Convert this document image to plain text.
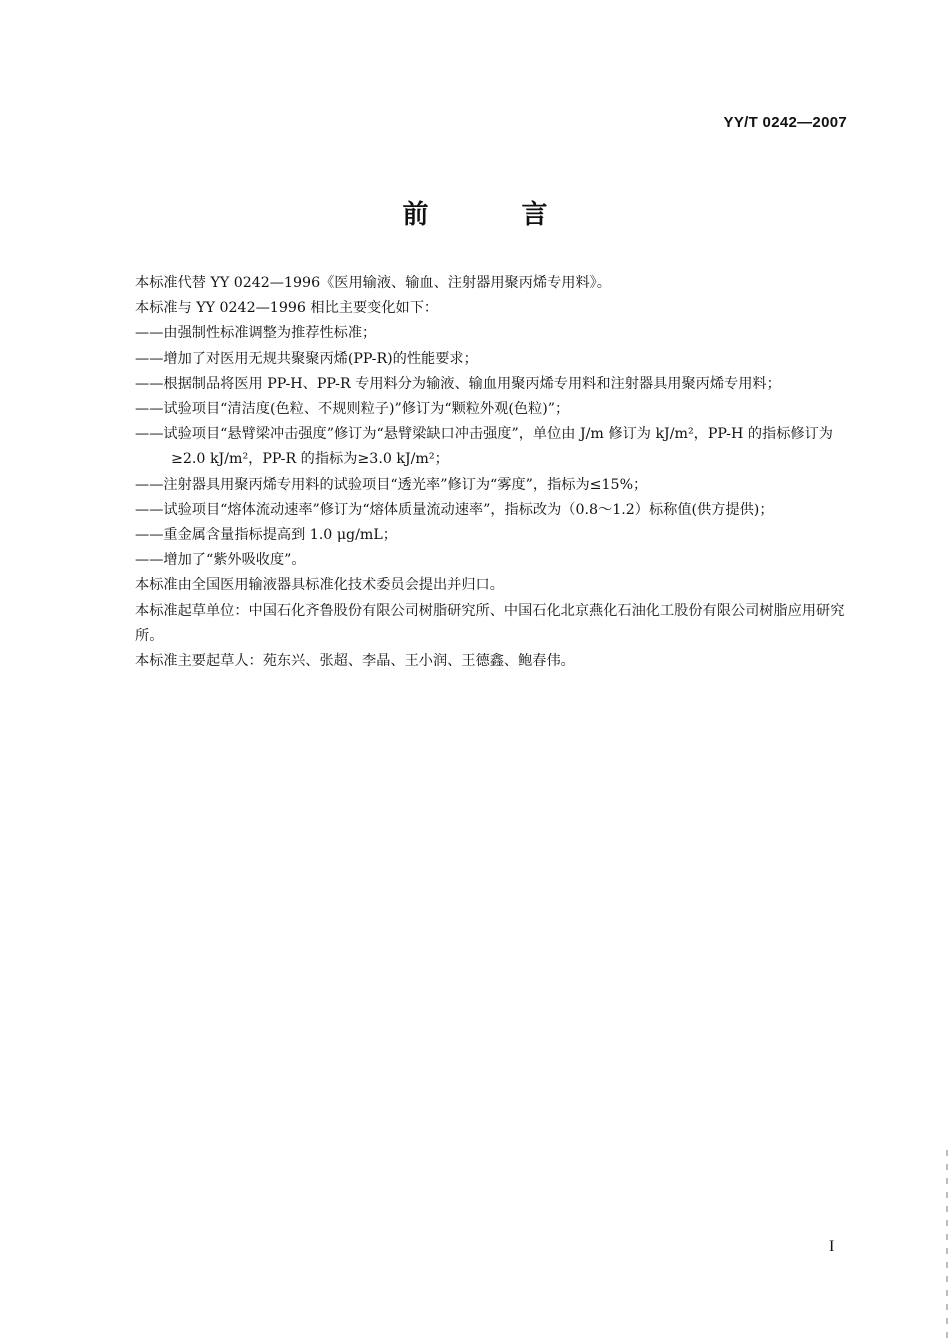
YY/T 0242—2007
前 言

本标准代替 YY 0242—1996《医用输液、输血、注射器用聚丙烯专用料》。

本标准与 YY 0242—1996 相比主要变化如下：

——由强制性标准调整为推荐性标准；

——增加了对医用无规共聚聚丙烯(PP-R)的性能要求；

——根据制品将医用 PP-H、PP-R 专用料分为输液、输血用聚丙烯专用料和注射器具用聚丙烯专用料；

——试验项目“清洁度(色粒、不规则粒子)”修订为“颗粒外观(色粒)”；

——试验项目“悬臂梁冲击强度”修订为“悬臂梁缺口冲击强度”，单位由 J/m 修订为 kJ/m²，PP-H 的指标修订为≥2.0 kJ/m²，PP-R 的指标为≥3.0 kJ/m²；

——注射器具用聚丙烯专用料的试验项目“透光率”修订为“雾度”，指标为≤15%；

——试验项目“熔体流动速率”修订为“熔体质量流动速率”，指标改为（0.8～1.2）标称值(供方提供)；

——重金属含量指标提高到 1.0 μg/mL；

——增加了“紫外吸收度”。

本标准由全国医用输液器具标准化技术委员会提出并归口。

本标准起草单位：中国石化齐鲁股份有限公司树脂研究所、中国石化北京燕化石油化工股份有限公司树脂应用研究所。

本标准主要起草人：苑东兴、张超、李晶、王小润、王德鑫、鲍春伟。

I
